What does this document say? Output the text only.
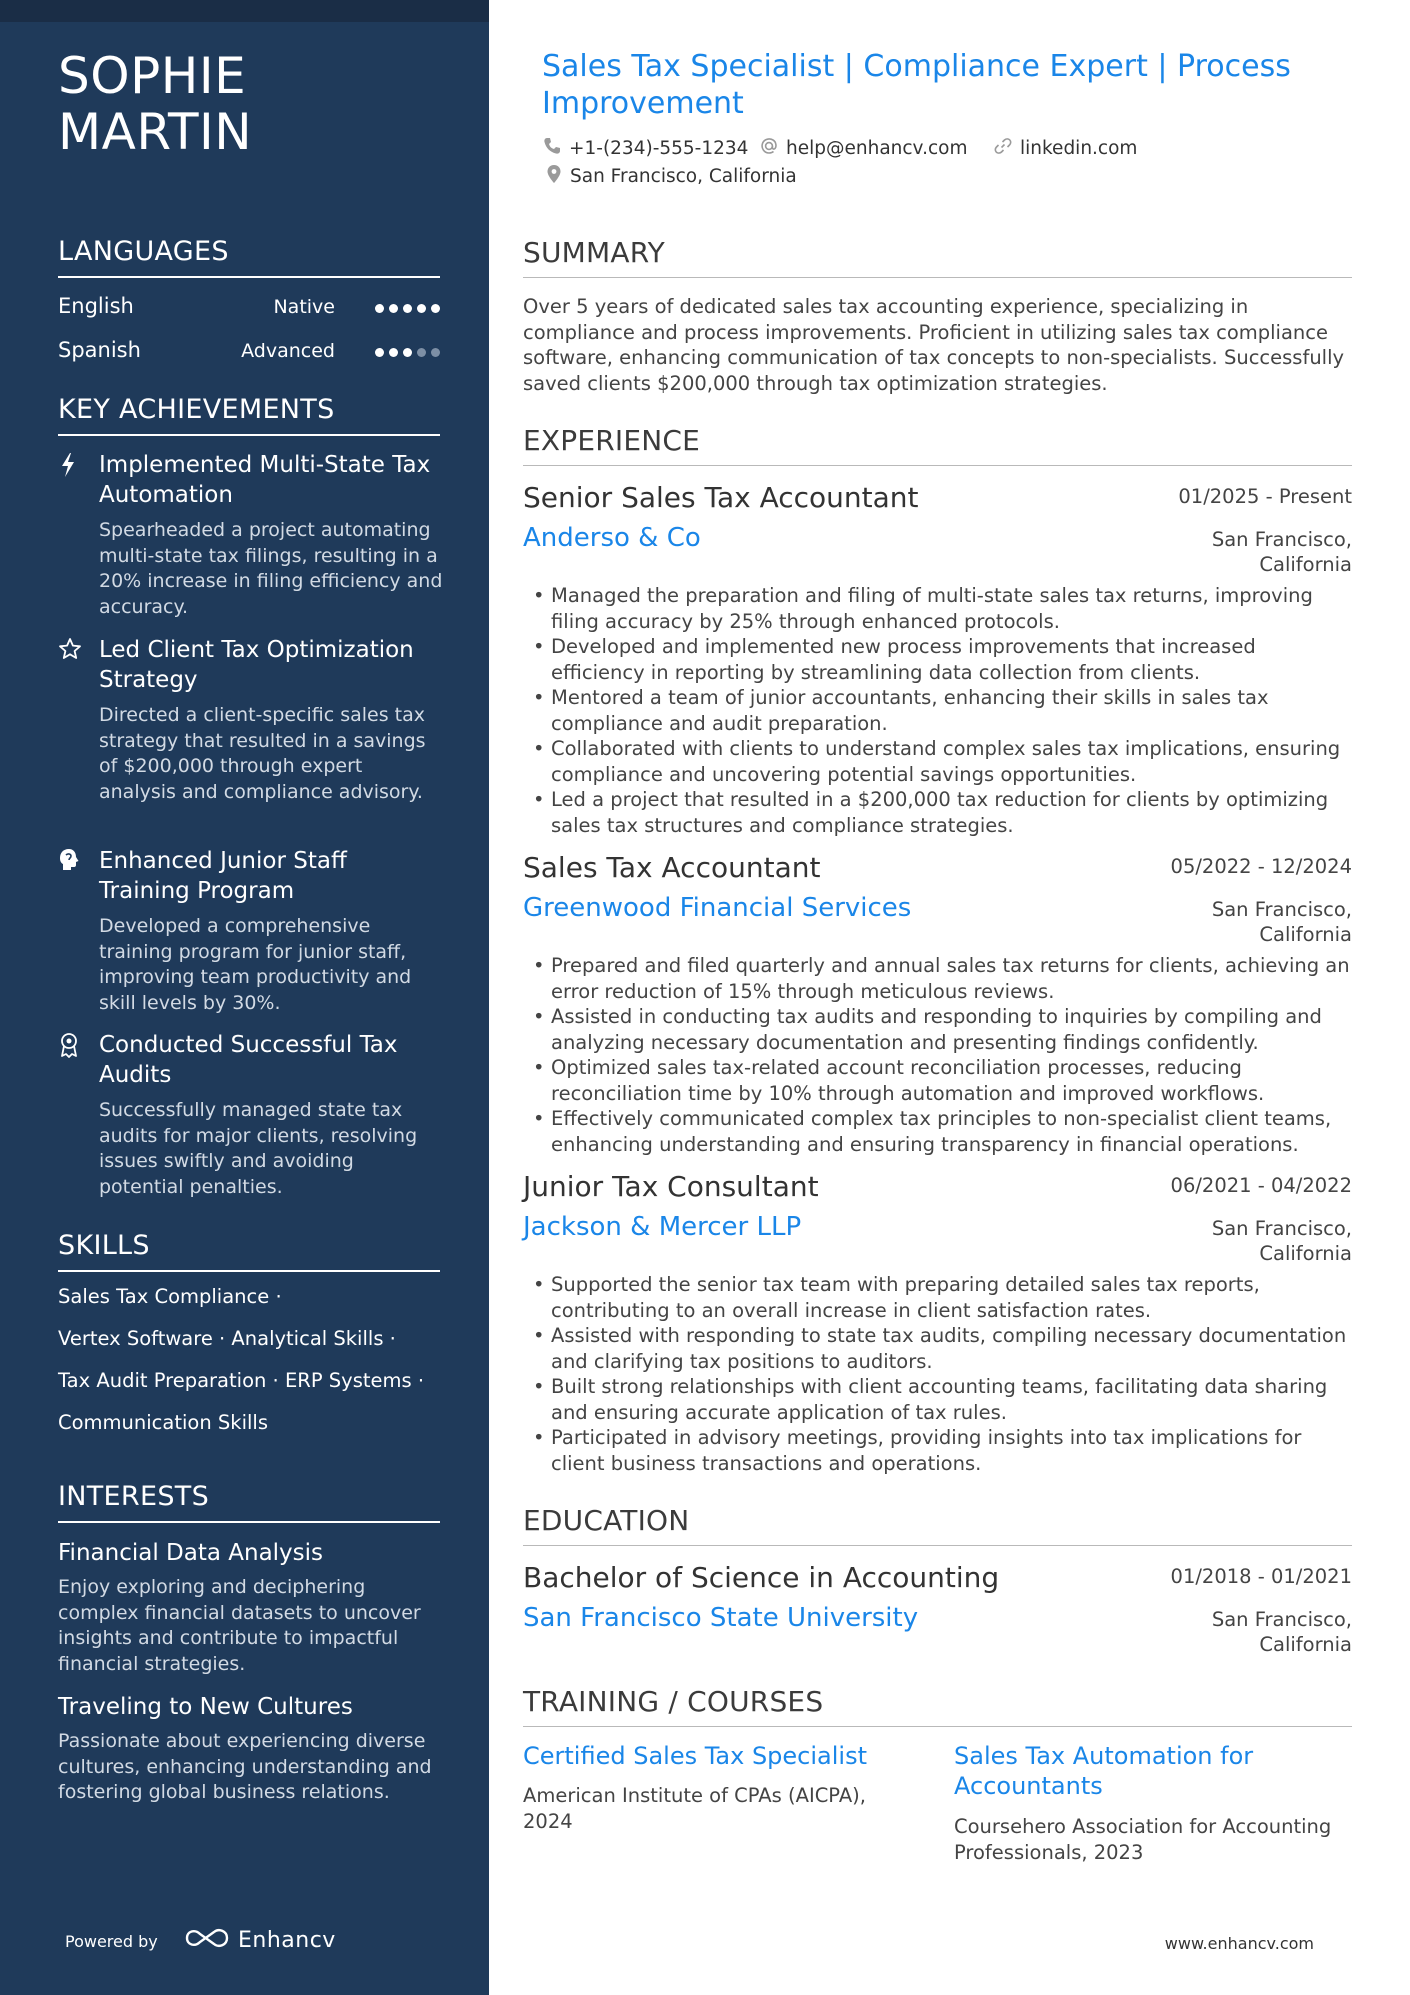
SOPHIE
MARTIN
LANGUAGES
English	Native
Spanish	Advanced
KEY ACHIEVEMENTS
Implemented Multi-State Tax Automation
Spearheaded a project automating multi-state tax filings, resulting in a 20% increase in filing efficiency and accuracy.
Led Client Tax Optimization Strategy
Directed a client-specific sales tax strategy that resulted in a savings of $200,000 through expert analysis and compliance advisory.
Enhanced Junior Staff Training Program
Developed a comprehensive training program for junior staff, improving team productivity and skill levels by 30%.
Conducted Successful Tax Audits
Successfully managed state tax audits for major clients, resolving issues swiftly and avoiding potential penalties.
SKILLS
Sales Tax Compliance ·
Vertex Software · Analytical Skills ·
Tax Audit Preparation · ERP Systems ·
Communication Skills
INTERESTS
Financial Data Analysis
Enjoy exploring and deciphering complex financial datasets to uncover insights and contribute to impactful financial strategies.
Traveling to New Cultures
Passionate about experiencing diverse cultures, enhancing understanding and fostering global business relations.
Powered by	Enhancv
Sales Tax Specialist | Compliance Expert | Process
Improvement
+1-(234)-555-1234 help@enhancv.com	linkedin.com
San Francisco, California
SUMMARY
Over 5 years of dedicated sales tax accounting experience, specializing in compliance and process improvements. Proficient in utilizing sales tax compliance software, enhancing communication of tax concepts to non-specialists. Successfully saved clients $200,000 through tax optimization strategies.
EXPERIENCE
Senior Sales Tax Accountant	01/2025 - Present
Anderso & Co	San Francisco, California
• Managed the preparation and filing of multi-state sales tax returns, improving filing accuracy by 25% through enhanced protocols.
• Developed and implemented new process improvements that increased efficiency in reporting by streamlining data collection from clients.
• Mentored a team of junior accountants, enhancing their skills in sales tax compliance and audit preparation.
• Collaborated with clients to understand complex sales tax implications, ensuring compliance and uncovering potential savings opportunities.
• Led a project that resulted in a $200,000 tax reduction for clients by optimizing sales tax structures and compliance strategies.
Sales Tax Accountant	05/2022 - 12/2024
Greenwood Financial Services	San Francisco, California
• Prepared and filed quarterly and annual sales tax returns for clients, achieving an error reduction of 15% through meticulous reviews.
• Assisted in conducting tax audits and responding to inquiries by compiling and analyzing necessary documentation and presenting findings confidently.
• Optimized sales tax-related account reconciliation processes, reducing reconciliation time by 10% through automation and improved workflows.
• Effectively communicated complex tax principles to non-specialist client teams, enhancing understanding and ensuring transparency in financial operations.
Junior Tax Consultant	06/2021 - 04/2022
Jackson & Mercer LLP	San Francisco, California
• Supported the senior tax team with preparing detailed sales tax reports, contributing to an overall increase in client satisfaction rates.
• Assisted with responding to state tax audits, compiling necessary documentation and clarifying tax positions to auditors.
• Built strong relationships with client accounting teams, facilitating data sharing and ensuring accurate application of tax rules.
• Participated in advisory meetings, providing insights into tax implications for client business transactions and operations.
EDUCATION
Bachelor of Science in Accounting	01/2018 - 01/2021
San Francisco State University	San Francisco, California
TRAINING / COURSES
Certified Sales Tax Specialist
American Institute of CPAs (AICPA), 2024
Sales Tax Automation for Accountants
Coursehero Association for Accounting Professionals, 2023
www.enhancv.com
